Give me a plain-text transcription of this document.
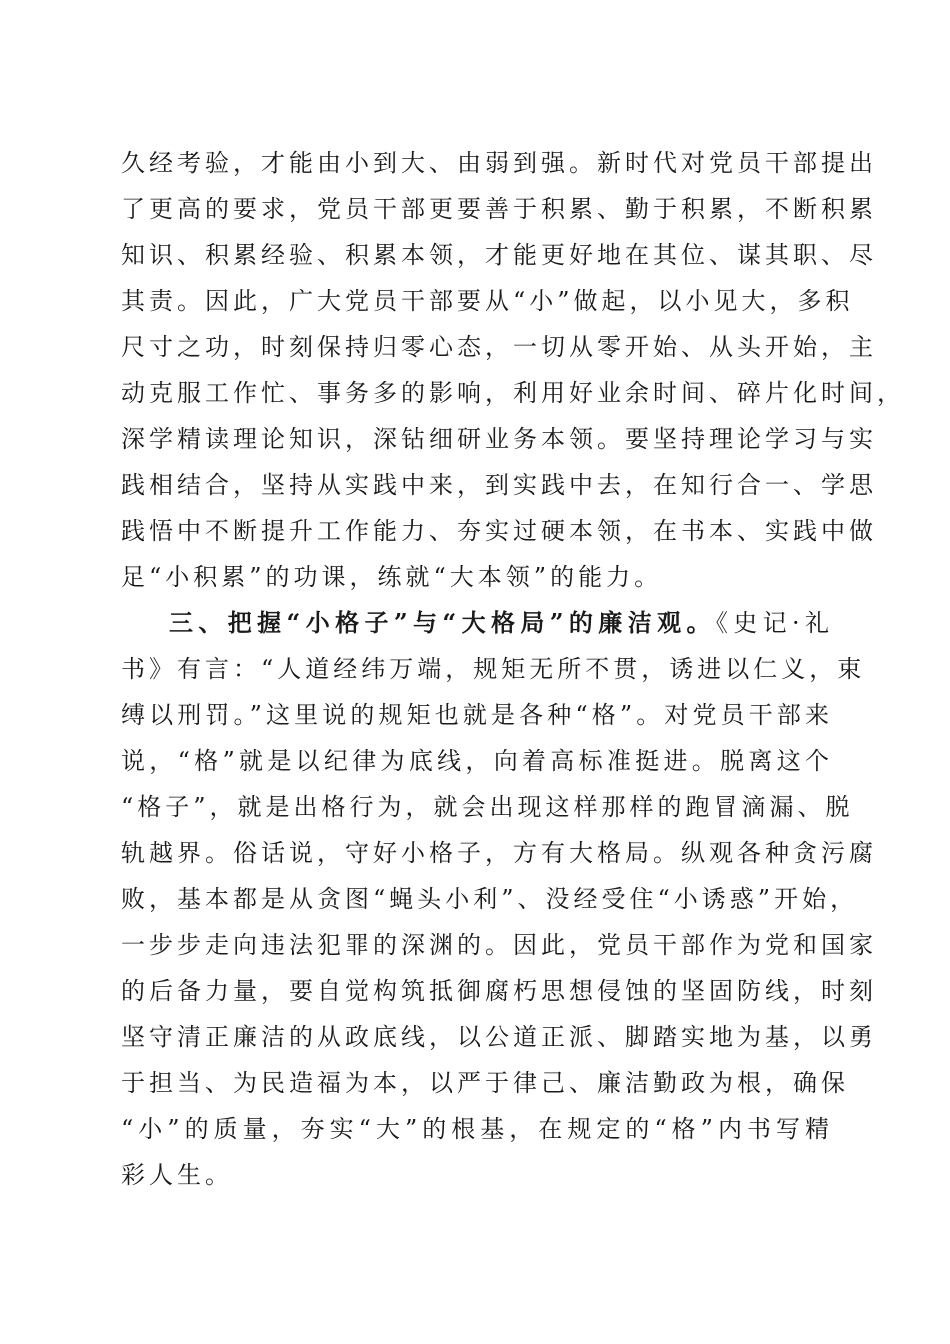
久经考验，才能由小到大、由弱到强。新时代对党员干部提出
了更高的要求，党员干部更要善于积累、勤于积累，不断积累
知识、积累经验、积累本领，才能更好地在其位、谋其职、尽
其责。因此，广大党员干部要从“小”做起，以小见大，多积
尺寸之功，时刻保持归零心态，一切从零开始、从头开始，主
动克服工作忙、事务多的影响，利用好业余时间、碎片化时间，
深学精读理论知识，深钻细研业务本领。要坚持理论学习与实
践相结合，坚持从实践中来，到实践中去，在知行合一、学思
践悟中不断提升工作能力、夯实过硬本领，在书本、实践中做
足“小积累”的功课，练就“大本领”的能力。
三、把握“小格子”与“大格局”的廉洁观。《史记·礼
书》有言：“人道经纬万端，规矩无所不贯，诱进以仁义，束
缚以刑罚。”这里说的规矩也就是各种“格”。对党员干部来
说，“格”就是以纪律为底线，向着高标准挺进。脱离这个
“格子”，就是出格行为，就会出现这样那样的跑冒滴漏、脱
轨越界。俗话说，守好小格子，方有大格局。纵观各种贪污腐
败，基本都是从贪图“蝇头小利”、没经受住“小诱惑”开始，
一步步走向违法犯罪的深渊的。因此，党员干部作为党和国家
的后备力量，要自觉构筑抵御腐朽思想侵蚀的坚固防线，时刻
坚守清正廉洁的从政底线，以公道正派、脚踏实地为基，以勇
于担当、为民造福为本，以严于律己、廉洁勤政为根，确保
“小”的质量，夯实“大”的根基，在规定的“格”内书写精
彩人生。
